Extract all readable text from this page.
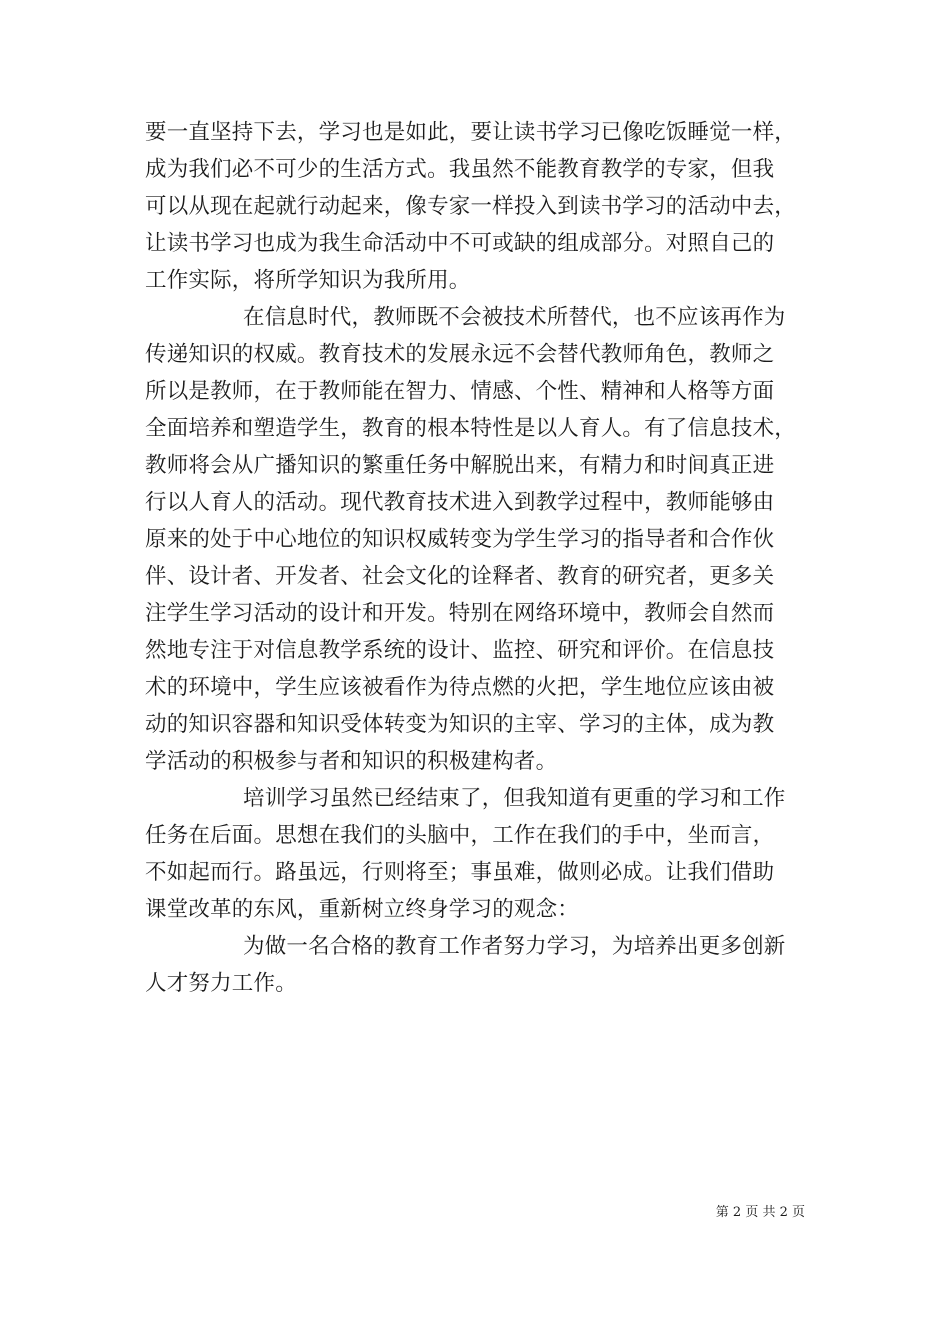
要一直坚持下去，学习也是如此，要让读书学习已像吃饭睡觉一样，
成为我们必不可少的生活方式。我虽然不能教育教学的专家，但我
可以从现在起就行动起来，像专家一样投入到读书学习的活动中去，
让读书学习也成为我生命活动中不可或缺的组成部分。对照自己的
工作实际，将所学知识为我所用。
在信息时代，教师既不会被技术所替代，也不应该再作为
传递知识的权威。教育技术的发展永远不会替代教师角色，教师之
所以是教师，在于教师能在智力、情感、个性、精神和人格等方面
全面培养和塑造学生，教育的根本特性是以人育人。有了信息技术，
教师将会从广播知识的繁重任务中解脱出来，有精力和时间真正进
行以人育人的活动。现代教育技术进入到教学过程中，教师能够由
原来的处于中心地位的知识权威转变为学生学习的指导者和合作伙
伴、设计者、开发者、社会文化的诠释者、教育的研究者，更多关
注学生学习活动的设计和开发。特别在网络环境中，教师会自然而
然地专注于对信息教学系统的设计、监控、研究和评价。在信息技
术的环境中，学生应该被看作为待点燃的火把，学生地位应该由被
动的知识容器和知识受体转变为知识的主宰、学习的主体，成为教
学活动的积极参与者和知识的积极建构者。
培训学习虽然已经结束了，但我知道有更重的学习和工作
任务在后面。思想在我们的头脑中，工作在我们的手中，坐而言，
不如起而行。路虽远，行则将至；事虽难，做则必成。让我们借助
课堂改革的东风，重新树立终身学习的观念：
为做一名合格的教育工作者努力学习，为培养出更多创新
人才努力工作。
第 2 页 共 2 页
